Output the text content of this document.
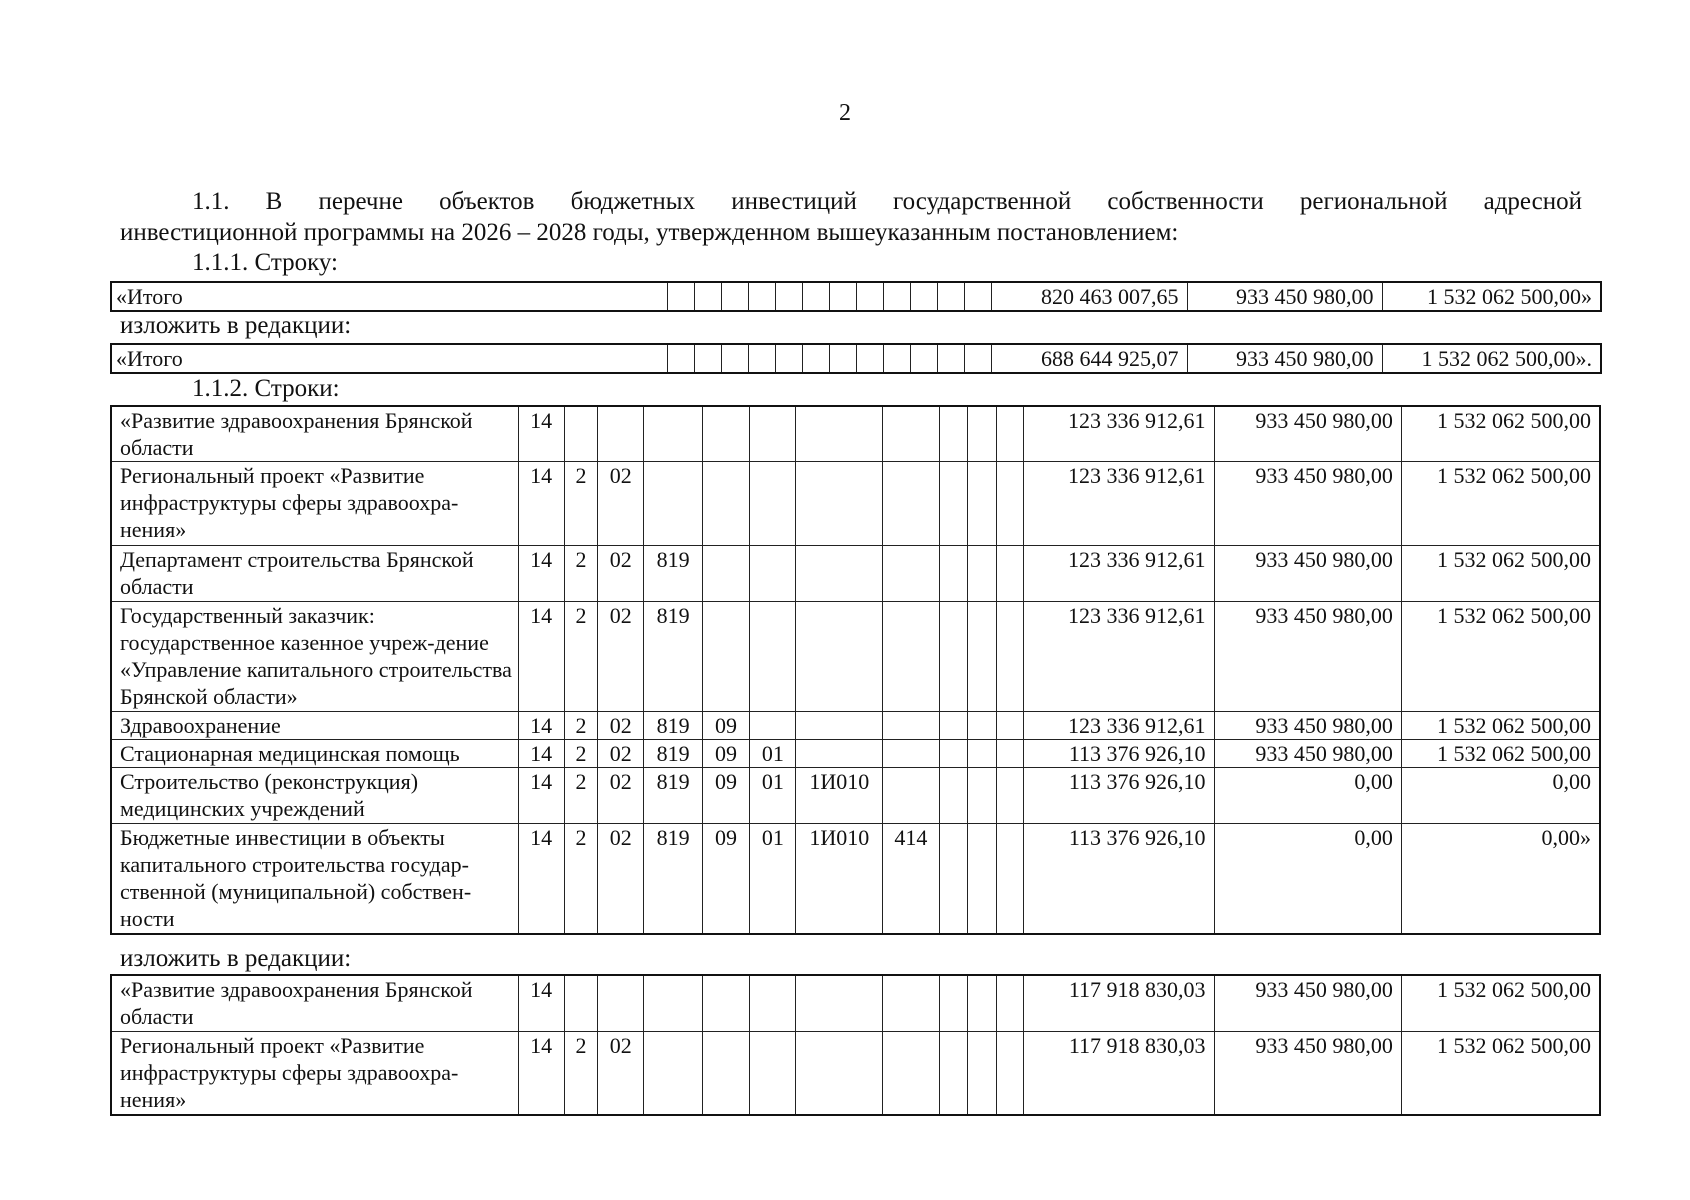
2
1.1. В перечне объектов бюджетных инвестиций государственной собственности региональной адресной
инвестиционной программы на 2026 – 2028 годы, утвержденном вышеуказанным постановлением:
1.1.1. Строку:
«Итого													820 463 007,65	933 450 980,00	1 532 062 500,00»
изложить в редакции:
«Итого													688 644 925,07	933 450 980,00	1 532 062 500,00».
1.1.2. Строки:
«Развитие здравоохранения Брянской области	14											123 336 912,61	933 450 980,00	1 532 062 500,00
Региональный проект «Развитие инфраструктуры сферы здравоохра-нения»	14	2	02									123 336 912,61	933 450 980,00	1 532 062 500,00
Департамент строительства Брянской области	14	2	02	819								123 336 912,61	933 450 980,00	1 532 062 500,00
Государственный заказчик: государственное казенное учреж-дение «Управление капитального строительства Брянской области»	14	2	02	819								123 336 912,61	933 450 980,00	1 532 062 500,00
Здравоохранение	14	2	02	819	09							123 336 912,61	933 450 980,00	1 532 062 500,00
Стационарная медицинская помощь	14	2	02	819	09	01						113 376 926,10	933 450 980,00	1 532 062 500,00
Строительство (реконструкция) медицинских учреждений	14	2	02	819	09	01	1И010					113 376 926,10	0,00	0,00
Бюджетные инвестиции в объекты капитального строительства государ-ственной (муниципальной) собствен-ности	14	2	02	819	09	01	1И010	414				113 376 926,10	0,00	0,00»
изложить в редакции:
«Развитие здравоохранения Брянской области	14											117 918 830,03	933 450 980,00	1 532 062 500,00
Региональный проект «Развитие инфраструктуры сферы здравоохра-нения»	14	2	02									117 918 830,03	933 450 980,00	1 532 062 500,00
